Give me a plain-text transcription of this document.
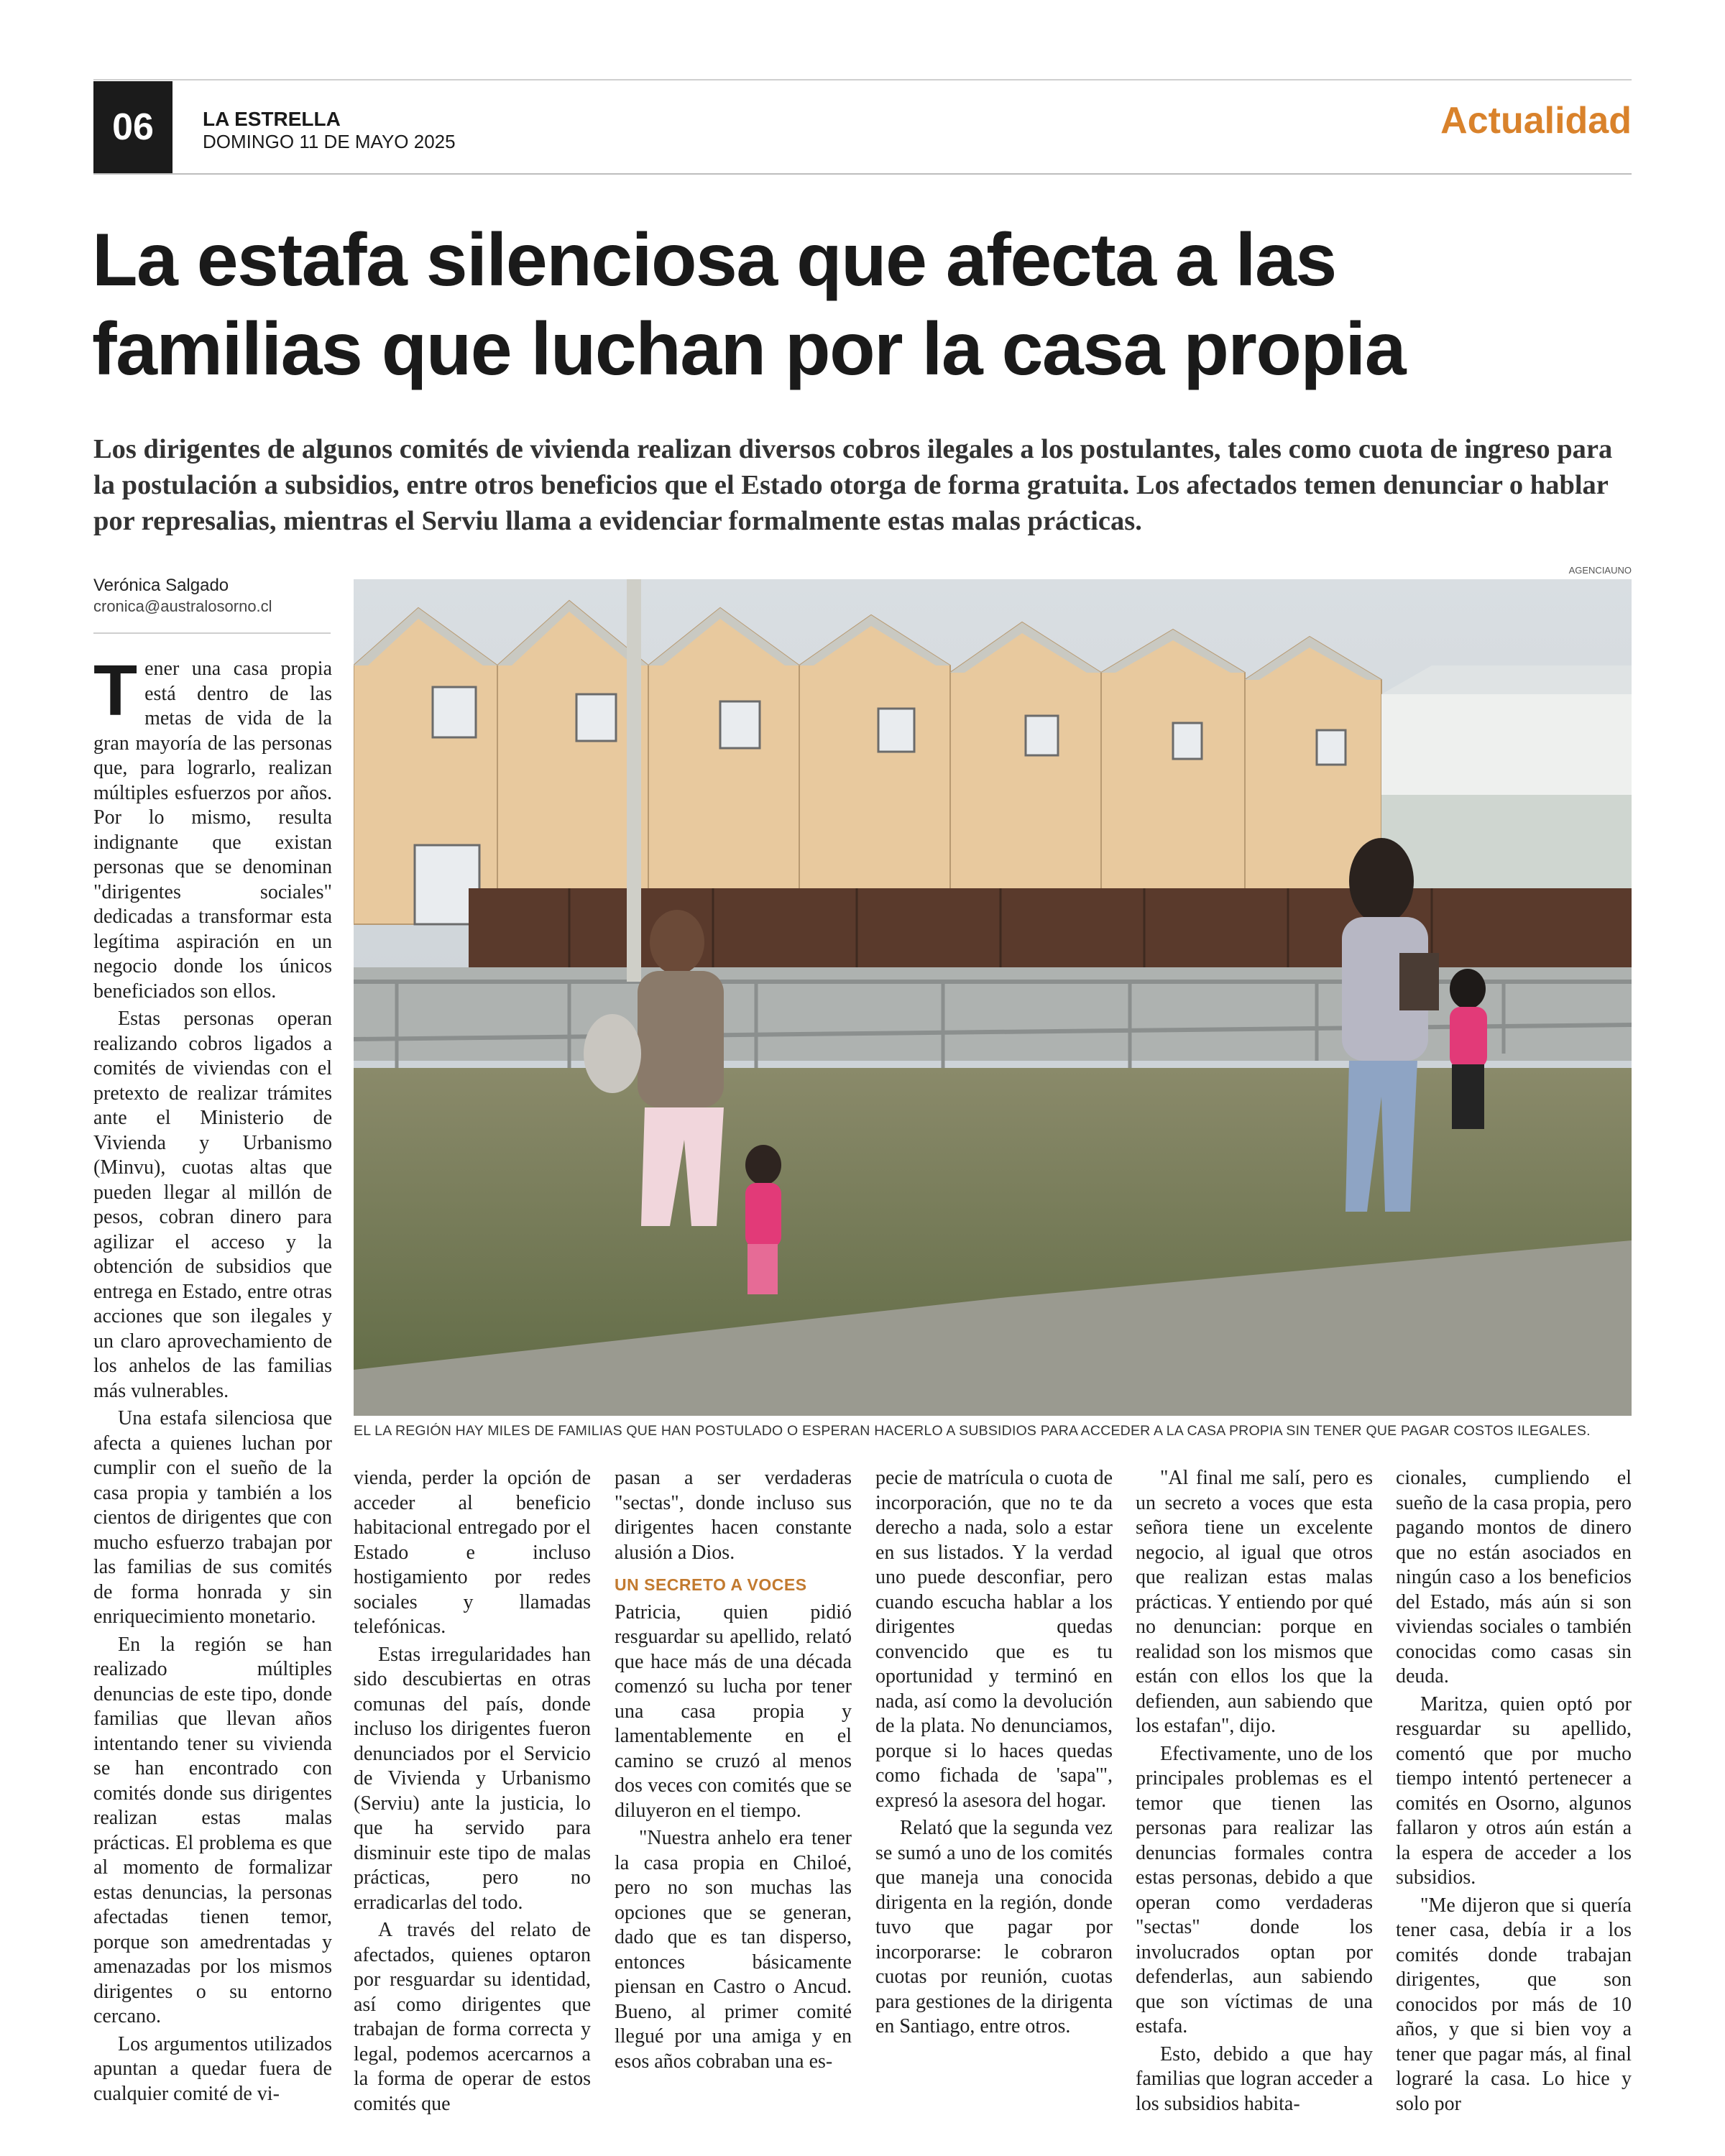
06	LA ESTRELLA
DOMINGO 11 DE MAYO 2025	Actualidad
La estafa silenciosa que afecta a las
familias que luchan por la casa propia
Los dirigentes de algunos comités de vivienda realizan diversos cobros ilegales a los postulantes, tales como cuota de ingreso para la postulación a subsidios, entre otros beneficios que el Estado otorga de forma gratuita. Los afectados temen denunciar o hablar por represalias, mientras el Serviu llama a evidenciar formalmente estas malas prácticas.
Verónica Salgado
cronica@australosorno.cl
AGENCIAUNO
EL LA REGIÓN HAY MILES DE FAMILIAS QUE HAN POSTULADO O ESPERAN HACERLO A SUBSIDIOS PARA ACCEDER A LA CASA PROPIA SIN TENER QUE PAGAR COSTOS ILEGALES.

Tener una casa propia está dentro de las metas de vida de la gran mayoría de las personas que, para lograrlo, realizan múltiples esfuerzos por años. Por lo mismo, resulta indignante que existan personas que se denominan "dirigentes sociales" dedicadas a transformar esta legítima aspiración en un negocio donde los únicos beneficiados son ellos.

Estas personas operan realizando cobros ligados a comités de viviendas con el pretexto de realizar trámites ante el Ministerio de Vivienda y Urbanismo (Minvu), cuotas altas que pueden llegar al millón de pesos, cobran dinero para agilizar el acceso y la obtención de subsidios que entrega en Estado, entre otras acciones que son ilegales y un claro aprovechamiento de los anhelos de las familias más vulnerables.

Una estafa silenciosa que afecta a quienes luchan por cumplir con el sueño de la casa propia y también a los cientos de dirigentes que con mucho esfuerzo trabajan por las familias de sus comités de forma honrada y sin enriquecimiento monetario.

En la región se han realizado múltiples denuncias de este tipo, donde familias que llevan años intentando tener su vivienda se han encontrado con comités donde sus dirigentes realizan estas malas prácticas. El problema es que al momento de formalizar estas denuncias, la personas afectadas tienen temor, porque son amedrentadas y amenazadas por los mismos dirigentes o su entorno cercano.

Los argumentos utilizados apuntan a quedar fuera de cualquier comité de vi-

vienda, perder la opción de acceder al beneficio habitacional entregado por el Estado e incluso hostigamiento por redes sociales y llamadas telefónicas.

Estas irregularidades han sido descubiertas en otras comunas del país, donde incluso los dirigentes fueron denunciados por el Servicio de Vivienda y Urbanismo (Serviu) ante la justicia, lo que ha servido para disminuir este tipo de malas prácticas, pero no erradicarlas del todo.

A través del relato de afectados, quienes optaron por resguardar su identidad, así como dirigentes que trabajan de forma correcta y legal, podemos acercarnos a la forma de operar de estos comités que

pasan a ser verdaderas "sectas", donde incluso sus dirigentes hacen constante alusión a Dios.

UN SECRETO A VOCES

Patricia, quien pidió resguardar su apellido, relató que hace más de una década comenzó su lucha por tener una casa propia y lamentablemente en el camino se cruzó al menos dos veces con comités que se diluyeron en el tiempo.

"Nuestra anhelo era tener la casa propia en Chiloé, pero no son muchas las opciones que se generan, dado que es tan disperso, entonces básicamente piensan en Castro o Ancud. Bueno, al primer comité llegué por una amiga y en esos años cobraban una es-

pecie de matrícula o cuota de incorporación, que no te da derecho a nada, solo a estar en sus listados. Y la verdad uno puede desconfiar, pero cuando escucha hablar a los dirigentes quedas convencido que es tu oportunidad y terminó en nada, así como la devolución de la plata. No denunciamos, porque si lo haces quedas como fichada de 'sapa'", expresó la asesora del hogar.

Relató que la segunda vez se sumó a uno de los comités que maneja una conocida dirigenta en la región, donde tuvo que pagar por incorporarse: le cobraron cuotas por reunión, cuotas para gestiones de la dirigenta en Santiago, entre otros.

"Al final me salí, pero es un secreto a voces que esta señora tiene un excelente negocio, al igual que otros que realizan estas malas prácticas. Y entiendo por qué no denuncian: porque en realidad son los mismos que están con ellos los que la defienden, aun sabiendo que los estafan", dijo.

Efectivamente, uno de los principales problemas es el temor que tienen las personas para realizar las denuncias formales contra estas personas, debido a que operan como verdaderas "sectas" donde los involucrados optan por defenderlas, aun sabiendo que son víctimas de una estafa.

Esto, debido a que hay familias que logran acceder a los subsidios habita-

cionales, cumpliendo el sueño de la casa propia, pero pagando montos de dinero que no están asociados en ningún caso a los beneficios del Estado, más aún si son viviendas sociales o también conocidas como casas sin deuda.

Maritza, quien optó por resguardar su apellido, comentó que por mucho tiempo intentó pertenecer a comités en Osorno, algunos fallaron y otros aún están a la espera de acceder a los subsidios.

"Me dijeron que si quería tener casa, debía ir a los comités donde trabajan dirigentes, que son conocidos por más de 10 años, y que si bien voy a tener que pagar más, al final lograré la casa. Lo hice y solo por
